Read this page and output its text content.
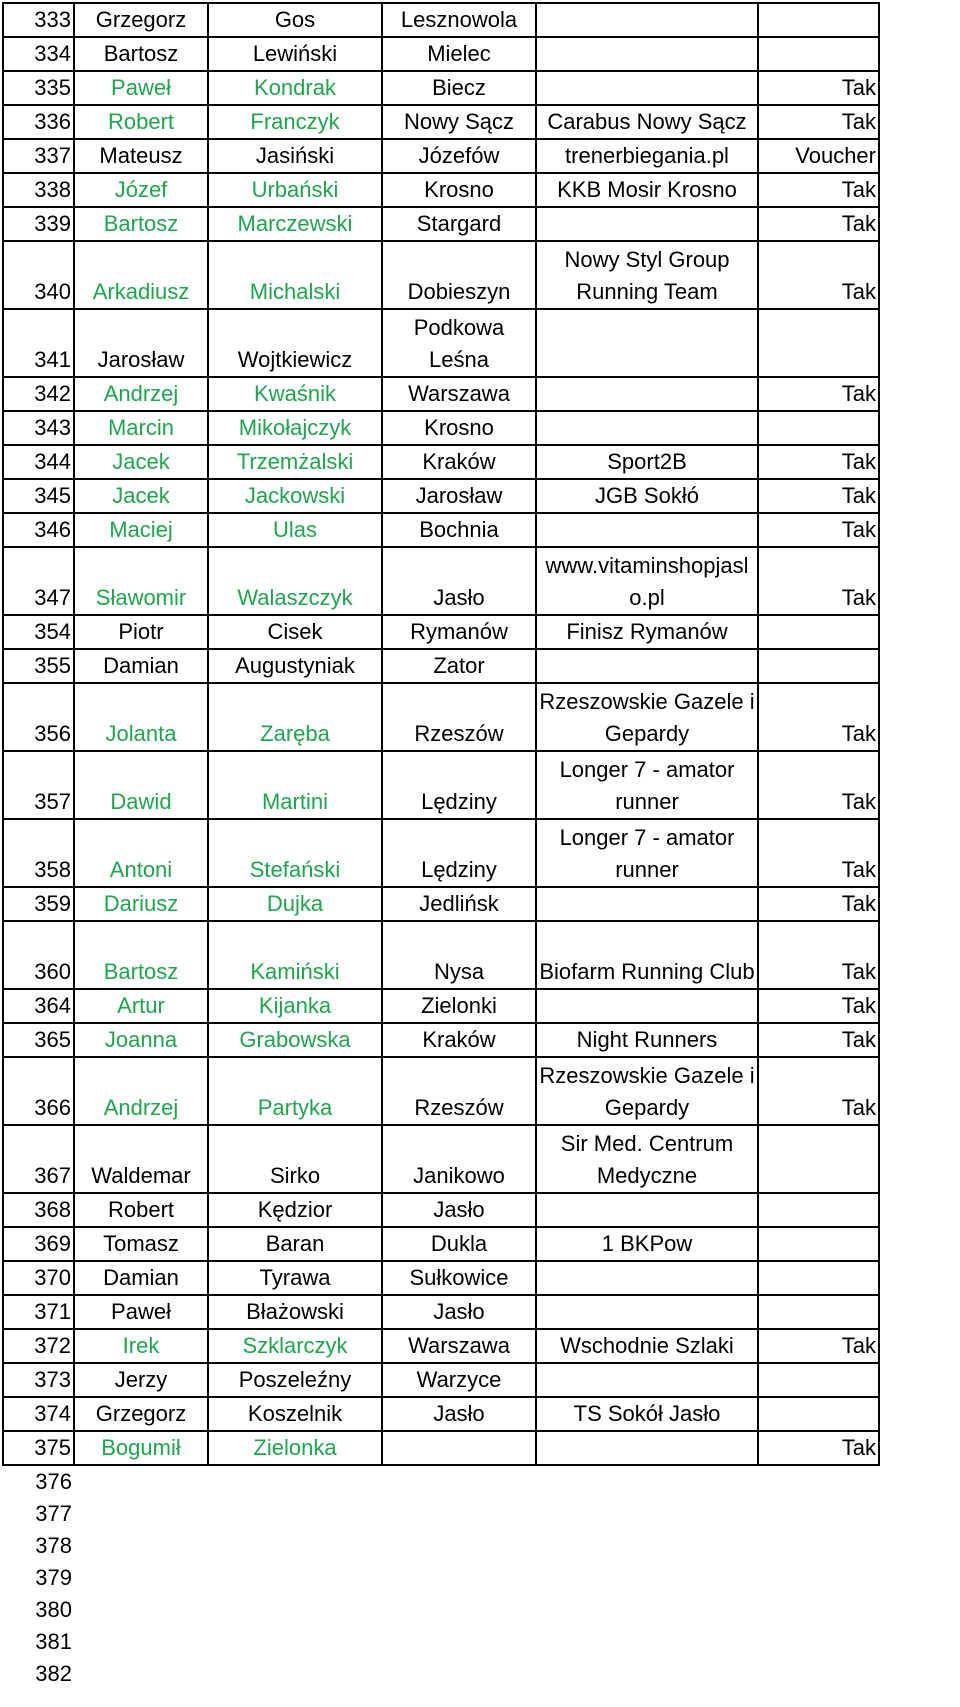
333	Grzegorz	Gos	Lesznowola		
334	Bartosz	Lewiński	Mielec		
335	Paweł	Kondrak	Biecz		Tak
336	Robert	Franczyk	Nowy Sącz	Carabus Nowy Sącz	Tak
337	Mateusz	Jasiński	Józefów	trenerbiegania.pl	Voucher
338	Józef	Urbański	Krosno	KKB Mosir Krosno	Tak
339	Bartosz	Marczewski	Stargard		Tak
340	Arkadiusz	Michalski	Dobieszyn	Nowy Styl Group
Running Team	Tak
341	Jarosław	Wojtkiewicz	Podkowa
Leśna		

342	Andrzej	Kwaśnik	Warszawa		Tak
343	Marcin	Mikołajczyk	Krosno		
344	Jacek	Trzemżalski	Kraków	Sport2B	Tak
345	Jacek	Jackowski	Jarosław	JGB Sokłó	Tak
346	Maciej	Ulas	Bochnia		Tak
347	Sławomir	Walaszczyk	Jasło	www.vitaminshopjasl
o.pl	Tak
354	Piotr	Cisek	Rymanów	Finisz Rymanów	
355	Damian	Augustyniak	Zator		
356	Jolanta	Zaręba	Rzeszów	Rzeszowskie Gazele i
Gepardy	Tak
357	Dawid	Martini	Lędziny	Longer 7 - amator
runner	Tak
358	Antoni	Stefański	Lędziny	Longer 7 - amator
runner	Tak
359	Dariusz	Dujka	Jedlińsk		Tak
360	Bartosz	Kamiński	Nysa	Biofarm Running Club	Tak
364	Artur	Kijanka	Zielonki		Tak
365	Joanna	Grabowska	Kraków	Night Runners	Tak
366	Andrzej	Partyka	Rzeszów	Rzeszowskie Gazele i
Gepardy	Tak
367	Waldemar	Sirko	Janikowo	Sir Med. Centrum
Medyczne	

368	Robert	Kędzior	Jasło		
369	Tomasz	Baran	Dukla	1 BKPow	
370	Damian	Tyrawa	Sułkowice		
371	Paweł	Błażowski	Jasło		
372	Irek	Szklarczyk	Warszawa	Wschodnie Szlaki	Tak
373	Jerzy	Poszeleźny	Warzyce		
374	Grzegorz	Koszelnik	Jasło	TS Sokół Jasło	
375	Bogumił	Zielonka			Tak
376					
377					
378					
379					
380					
381					
382					
